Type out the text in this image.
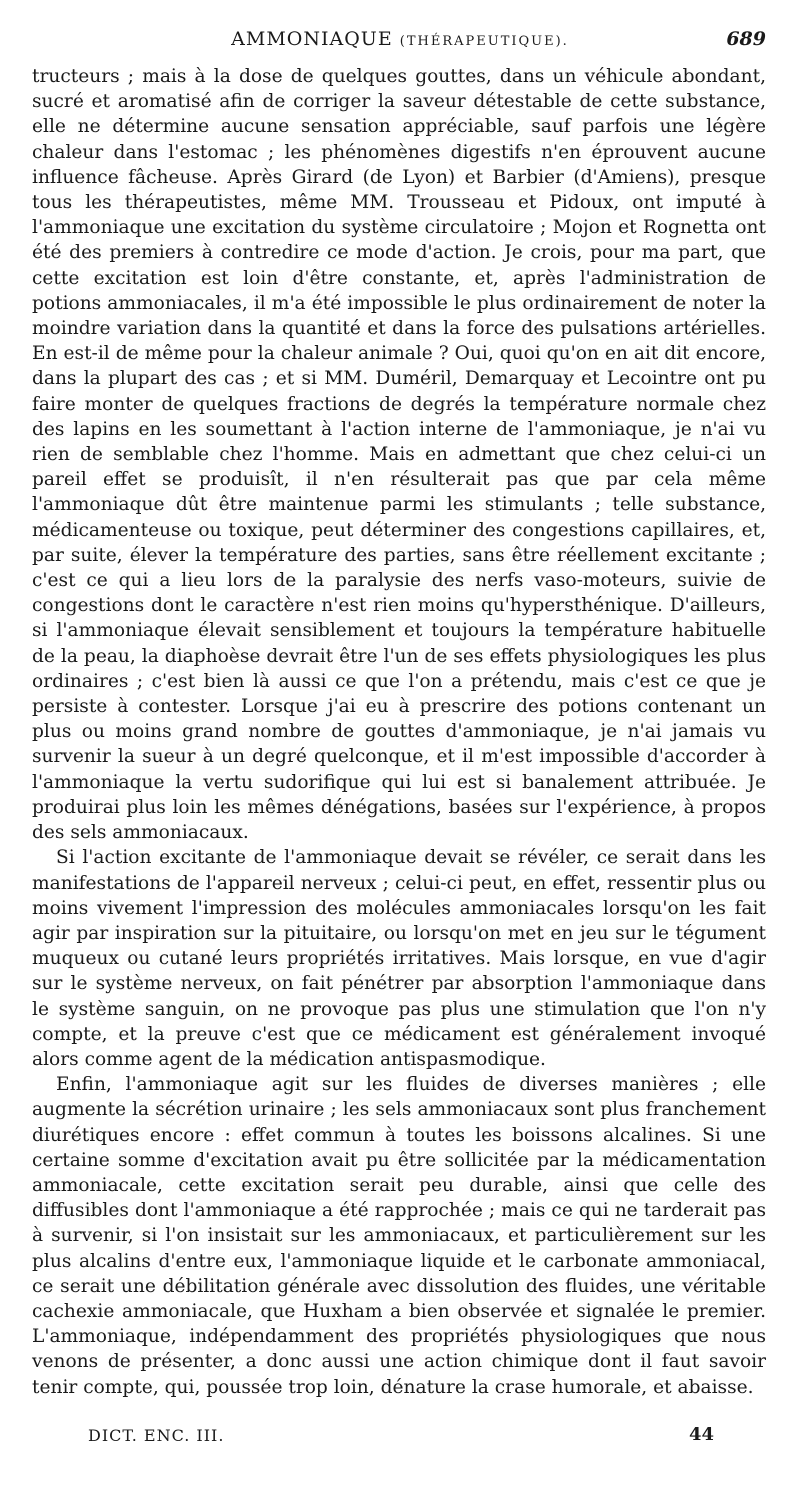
AMMONIAQUE (THÉRAPEUTIQUE).	689

tructeurs ; mais à la dose de quelques gouttes, dans un véhicule abondant, sucré et aromatisé afin de corriger la saveur détestable de cette substance, elle ne détermine aucune sensation appréciable, sauf parfois une légère chaleur dans l'estomac ; les phénomènes digestifs n'en éprouvent aucune influence fâcheuse. Après Girard (de Lyon) et Barbier (d'Amiens), presque tous les thérapeutistes, même MM. Trousseau et Pidoux, ont imputé à l'ammoniaque une excitation du système circulatoire ; Mojon et Rognetta ont été des premiers à contredire ce mode d'action. Je crois, pour ma part, que cette excitation est loin d'être constante, et, après l'administration de potions ammoniacales, il m'a été impossible le plus ordinairement de noter la moindre variation dans la quantité et dans la force des pulsations artérielles. En est-il de même pour la chaleur animale ? Oui, quoi qu'on en ait dit encore, dans la plupart des cas ; et si MM. Duméril, Demarquay et Lecointre ont pu faire monter de quelques fractions de degrés la température normale chez des lapins en les soumettant à l'action interne de l'ammoniaque, je n'ai vu rien de semblable chez l'homme. Mais en admettant que chez celui-ci un pareil effet se produisît, il n'en résulterait pas que par cela même l'ammoniaque dût être maintenue parmi les stimulants ; telle substance, médicamenteuse ou toxique, peut déterminer des congestions capillaires, et, par suite, élever la température des parties, sans être réellement excitante ; c'est ce qui a lieu lors de la paralysie des nerfs vaso-moteurs, suivie de congestions dont le caractère n'est rien moins qu'hypersthénique. D'ailleurs, si l'ammoniaque élevait sensiblement et toujours la température habituelle de la peau, la diaphoèse devrait être l'un de ses effets physiologiques les plus ordinaires ; c'est bien là aussi ce que l'on a prétendu, mais c'est ce que je persiste à contester. Lorsque j'ai eu à prescrire des potions contenant un plus ou moins grand nombre de gouttes d'ammoniaque, je n'ai jamais vu survenir la sueur à un degré quelconque, et il m'est impossible d'accorder à l'ammoniaque la vertu sudorifique qui lui est si banalement attribuée. Je produirai plus loin les mêmes dénégations, basées sur l'expérience, à propos des sels ammoniacaux.

Si l'action excitante de l'ammoniaque devait se révéler, ce serait dans les manifestations de l'appareil nerveux ; celui-ci peut, en effet, ressentir plus ou moins vivement l'impression des molécules ammoniacales lorsqu'on les fait agir par inspiration sur la pituitaire, ou lorsqu'on met en jeu sur le tégument muqueux ou cutané leurs propriétés irritatives. Mais lorsque, en vue d'agir sur le système nerveux, on fait pénétrer par absorption l'ammoniaque dans le système sanguin, on ne provoque pas plus une stimulation que l'on n'y compte, et la preuve c'est que ce médicament est généralement invoqué alors comme agent de la médication antispasmodique.

Enfin, l'ammoniaque agit sur les fluides de diverses manières ; elle augmente la sécrétion urinaire ; les sels ammoniacaux sont plus franchement diurétiques encore : effet commun à toutes les boissons alcalines. Si une certaine somme d'excitation avait pu être sollicitée par la médicamentation ammoniacale, cette excitation serait peu durable, ainsi que celle des diffusibles dont l'ammoniaque a été rapprochée ; mais ce qui ne tarderait pas à survenir, si l'on insistait sur les ammoniacaux, et particulièrement sur les plus alcalins d'entre eux, l'ammoniaque liquide et le carbonate ammoniacal, ce serait une débilitation générale avec dissolution des fluides, une véritable cachexie ammoniacale, que Huxham a bien observée et signalée le premier. L'ammoniaque, indépendamment des propriétés physiologiques que nous venons de présenter, a donc aussi une action chimique dont il faut savoir tenir compte, qui, poussée trop loin, dénature la crase humorale, et abaisse.

DICT. ENC. III.	44
